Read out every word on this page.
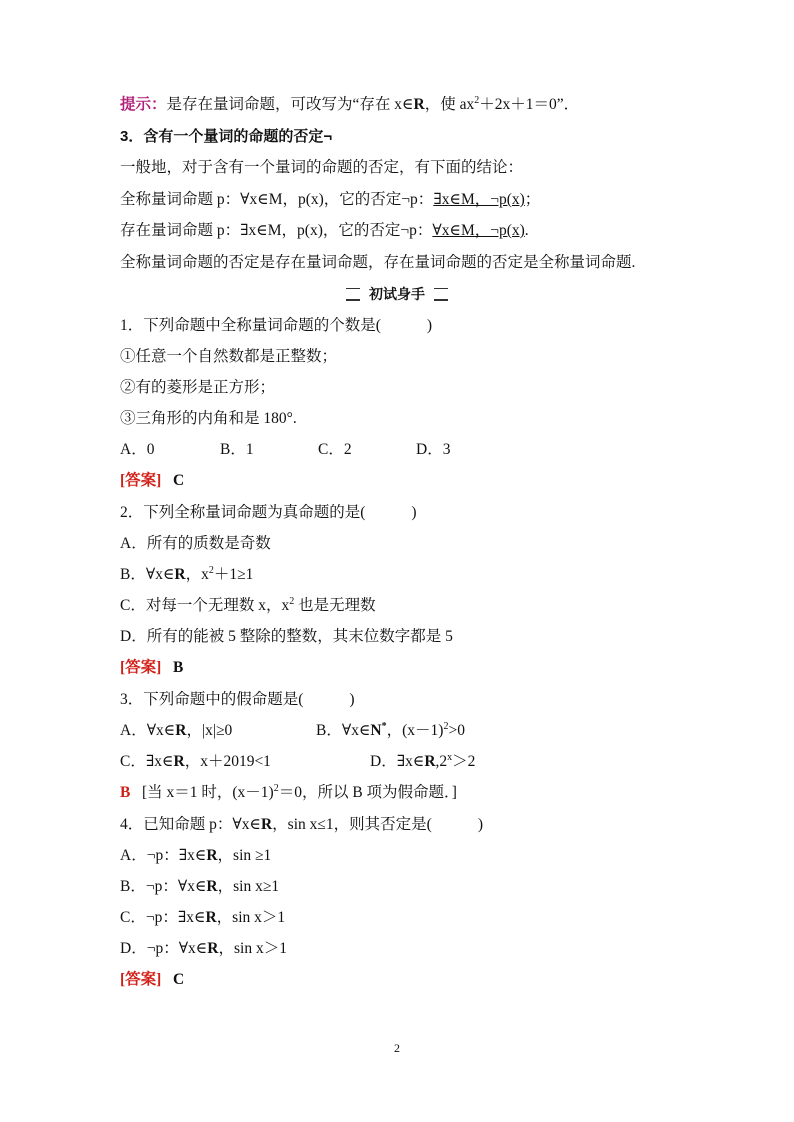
提示：是存在量词命题，可改写为“存在 x∈R，使 $ax^2+2x+1=0$”．
3．含有一个量词的命题的否定¬
一般地，对于含有一个量词的命题的否定，有下面的结论：
全称量词命题 p：∀x∈M，p(x)，它的否定¬p：∃x∈M，¬p(x)；
存在量词命题 p：∃x∈M，p(x)，它的否定¬p：∀x∈M，¬p(x).
全称量词命题的否定是存在量词命题，存在量词命题的否定是全称量词命题.
初试身手
1．下列命题中全称量词命题的个数是(	)
①任意一个自然数都是正整数；
②有的菱形是正方形；
③三角形的内角和是 180°.
A．0	B．1	C．2	D．3
[答案] C
2．下列全称量词命题为真命题的是(	)
A．所有的质数是奇数
B．∀x∈R，$x^2+1\ge 1$
C．对每一个无理数 x，$x^2$ 也是无理数
D．所有的能被 5 整除的整数，其末位数字都是 5
[答案] B
3．下列命题中的假命题是(	)
A．∀x∈R，|x|≥0	B．∀x∈N*，$(x-1)^2>0$
C．∃x∈R，x＋2019<1	D．$\exists x\in R,2^x>2$
B [当 x＝1 时，$(x-1)^2=0$，所以 B 项为假命题．]
4．已知命题 p：∀x∈R，sin x≤1，则其否定是(	)
A．¬p：∃x∈R，sin ≥1
B．¬p：∀x∈R，sin x≥1
C．¬p：∃x∈R，sin x＞1
D．¬p：∀x∈R，sin x＞1
[答案] C
2
